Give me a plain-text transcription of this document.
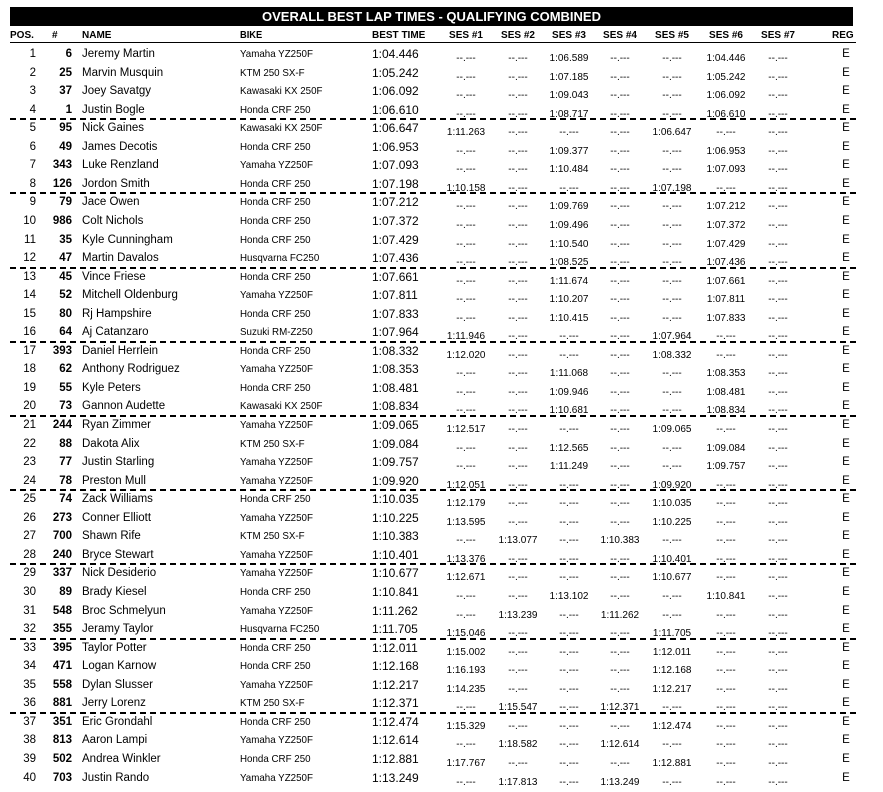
OVERALL BEST LAP TIMES - QUALIFYING COMBINED
POS. # NAME	BIKE	BEST TIME	SES #1	SES #2	SES #3	SES #4	SES #5	SES #6	SES #7	REG
1	6 Jeremy Martin	Yamaha YZ250F	1:04.446	--.---	--.---	1:06.589	--.---	--.---	1:04.446	--.---	E
2	25 Marvin Musquin	KTM 250 SX-F	1:05.242	--.---	--.---	1:07.185	--.---	--.---	1:05.242	--.---	E
3	37 Joey Savatgy	Kawasaki KX 250F	1:06.092	--.---	--.---	1:09.043	--.---	--.---	1:06.092	--.---	E
4	1 Justin Bogle	Honda CRF 250	1:06.610	--.---	--.---	1:08.717	--.---	--.---	1:06.610	--.---	E
5	95 Nick Gaines	Kawasaki KX 250F	1:06.647	1:11.263	--.---	--.---	--.---	1:06.647	--.---	--.---	E
6	49 James Decotis	Honda CRF 250	1:06.953	--.---	--.---	1:09.377	--.---	--.---	1:06.953	--.---	E
7	343 Luke Renzland	Yamaha YZ250F	1:07.093	--.---	--.---	1:10.484	--.---	--.---	1:07.093	--.---	E
8	126 Jordon Smith	Honda CRF 250	1:07.198	1:10.158	--.---	--.---	--.---	1:07.198	--.---	--.---	E
9	79 Jace Owen	Honda CRF 250	1:07.212	--.---	--.---	1:09.769	--.---	--.---	1:07.212	--.---	E
10	986 Colt Nichols	Honda CRF 250	1:07.372	--.---	--.---	1:09.496	--.---	--.---	1:07.372	--.---	E
11	35 Kyle Cunningham	Honda CRF 250	1:07.429	--.---	--.---	1:10.540	--.---	--.---	1:07.429	--.---	E
12	47 Martin Davalos	Husqvarna FC250	1:07.436	--.---	--.---	1:08.525	--.---	--.---	1:07.436	--.---	E
13	45 Vince Friese	Honda CRF 250	1:07.661	--.---	--.---	1:11.674	--.---	--.---	1:07.661	--.---	E
14	52 Mitchell Oldenburg	Yamaha YZ250F	1:07.811	--.---	--.---	1:10.207	--.---	--.---	1:07.811	--.---	E
15	80 Rj Hampshire	Honda CRF 250	1:07.833	--.---	--.---	1:10.415	--.---	--.---	1:07.833	--.---	E
16	64 Aj Catanzaro	Suzuki RM-Z250	1:07.964	1:11.946	--.---	--.---	--.---	1:07.964	--.---	--.---	E
17	393 Daniel Herrlein	Honda CRF 250	1:08.332	1:12.020	--.---	--.---	--.---	1:08.332	--.---	--.---	E
18	62 Anthony Rodriguez	Yamaha YZ250F	1:08.353	--.---	--.---	1:11.068	--.---	--.---	1:08.353	--.---	E
19	55 Kyle Peters	Honda CRF 250	1:08.481	--.---	--.---	1:09.946	--.---	--.---	1:08.481	--.---	E
20	73 Gannon Audette	Kawasaki KX 250F	1:08.834	--.---	--.---	1:10.681	--.---	--.---	1:08.834	--.---	E
21	244 Ryan Zimmer	Yamaha YZ250F	1:09.065	1:12.517	--.---	--.---	--.---	1:09.065	--.---	--.---	E
22	88 Dakota Alix	KTM 250 SX-F	1:09.084	--.---	--.---	1:12.565	--.---	--.---	1:09.084	--.---	E
23	77 Justin Starling	Yamaha YZ250F	1:09.757	--.---	--.---	1:11.249	--.---	--.---	1:09.757	--.---	E
24	78 Preston Mull	Yamaha YZ250F	1:09.920	1:12.051	--.---	--.---	--.---	1:09.920	--.---	--.---	E
25	74 Zack Williams	Honda CRF 250	1:10.035	1:12.179	--.---	--.---	--.---	1:10.035	--.---	--.---	E
26	273 Conner Elliott	Yamaha YZ250F	1:10.225	1:13.595	--.---	--.---	--.---	1:10.225	--.---	--.---	E
27	700 Shawn Rife	KTM 250 SX-F	1:10.383	--.---	1:13.077	--.---	1:10.383	--.---	--.---	--.---	E
28	240 Bryce Stewart	Yamaha YZ250F	1:10.401	1:13.376	--.---	--.---	--.---	1:10.401	--.---	--.---	E
29	337 Nick Desiderio	Yamaha YZ250F	1:10.677	1:12.671	--.---	--.---	--.---	1:10.677	--.---	--.---	E
30	89 Brady Kiesel	Honda CRF 250	1:10.841	--.---	--.---	1:13.102	--.---	--.---	1:10.841	--.---	E
31	548 Broc Schmelyun	Yamaha YZ250F	1:11.262	--.---	1:13.239	--.---	1:11.262	--.---	--.---	--.---	E
32	355 Jeramy Taylor	Husqvarna FC250	1:11.705	1:15.046	--.---	--.---	--.---	1:11.705	--.---	--.---	E
33	395 Taylor Potter	Honda CRF 250	1:12.011	1:15.002	--.---	--.---	--.---	1:12.011	--.---	--.---	E
34	471 Logan Karnow	Honda CRF 250	1:12.168	1:16.193	--.---	--.---	--.---	1:12.168	--.---	--.---	E
35	558 Dylan Slusser	Yamaha YZ250F	1:12.217	1:14.235	--.---	--.---	--.---	1:12.217	--.---	--.---	E
36	881 Jerry Lorenz	KTM 250 SX-F	1:12.371	--.---	1:15.547	--.---	1:12.371	--.---	--.---	--.---	E
37	351 Eric Grondahl	Honda CRF 250	1:12.474	1:15.329	--.---	--.---	--.---	1:12.474	--.---	--.---	E
38	813 Aaron Lampi	Yamaha YZ250F	1:12.614	--.---	1:18.582	--.---	1:12.614	--.---	--.---	--.---	E
39	502 Andrea Winkler	Honda CRF 250	1:12.881	1:17.767	--.---	--.---	--.---	1:12.881	--.---	--.---	E
40	703 Justin Rando	Yamaha YZ250F	1:13.249	--.---	1:17.813	--.---	1:13.249	--.---	--.---	--.---	E
